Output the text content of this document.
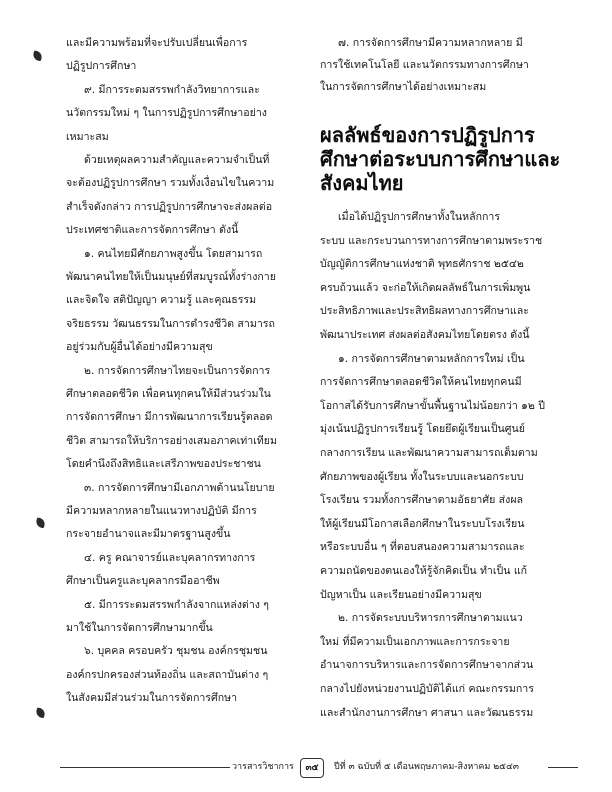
และมีความพร้อมที่จะปรับเปลี่ยนเพื่อการ
ปฏิรูปการศึกษา
๙. มีการระดมสรรพกำลังวิทยาการและ
นวัตกรรมใหม่ ๆ ในการปฏิรูปการศึกษาอย่าง
เหมาะสม
ด้วยเหตุผลความสำคัญและความจำเป็นที่
จะต้องปฏิรูปการศึกษา รวมทั้งเงื่อนไขในความ
สำเร็จดังกล่าว การปฏิรูปการศึกษาจะส่งผลต่อ
ประเทศชาติและการจัดการศึกษา ดังนี้
๑. คนไทยมีศักยภาพสูงขึ้น โดยสามารถ
พัฒนาคนไทยให้เป็นมนุษย์ที่สมบูรณ์ทั้งร่างกาย
และจิตใจ สติปัญญา ความรู้ และคุณธรรม
จริยธรรม วัฒนธรรมในการดำรงชีวิต สามารถ
อยู่ร่วมกับผู้อื่นได้อย่างมีความสุข
๒. การจัดการศึกษาไทยจะเป็นการจัดการ
ศึกษาตลอดชีวิต เพื่อคนทุกคนให้มีส่วนร่วมใน
การจัดการศึกษา มีการพัฒนาการเรียนรู้ตลอด
ชีวิต สามารถให้บริการอย่างเสมอภาคเท่าเทียม
โดยคำนึงถึงสิทธิและเสรีภาพของประชาชน
๓. การจัดการศึกษามีเอกภาพด้านนโยบาย
มีความหลากหลายในแนวทางปฏิบัติ มีการ
กระจายอำนาจและมีมาตรฐานสูงขึ้น
๔. ครู คณาจารย์และบุคลากรทางการ
ศึกษาเป็นครูและบุคลากรมืออาชีพ
๕. มีการระดมสรรพกำลังจากแหล่งต่าง ๆ
มาใช้ในการจัดการศึกษามากขึ้น
๖. บุคคล ครอบครัว ชุมชน องค์กรชุมชน
องค์กรปกครองส่วนท้องถิ่น และสถาบันต่าง ๆ
ในสังคมมีส่วนร่วมในการจัดการศึกษา
๗. การจัดการศึกษามีความหลากหลาย มี
การใช้เทคโนโลยี และนวัตกรรมทางการศึกษา
ในการจัดการศึกษาได้อย่างเหมาะสม
ผลลัพธ์ของการปฏิรูปการ
ศึกษาต่อระบบการศึกษาและ
สังคมไทย
เมื่อได้ปฏิรูปการศึกษาทั้งในหลักการ
ระบบ และกระบวนการทางการศึกษาตามพระราช
บัญญัติการศึกษาแห่งชาติ พุทธศักราช ๒๕๔๒
ครบถ้วนแล้ว จะก่อให้เกิดผลลัพธ์ในการเพิ่มพูน
ประสิทธิภาพและประสิทธิผลทางการศึกษาและ
พัฒนาประเทศ ส่งผลต่อสังคมไทยโดยตรง ดังนี้
๑. การจัดการศึกษาตามหลักการใหม่ เป็น
การจัดการศึกษาตลอดชีวิตให้คนไทยทุกคนมี
โอกาสได้รับการศึกษาขั้นพื้นฐานไม่น้อยกว่า ๑๒ ปี
มุ่งเน้นปฏิรูปการเรียนรู้ โดยยึดผู้เรียนเป็นศูนย์
กลางการเรียน และพัฒนาความสามารถเต็มตาม
ศักยภาพของผู้เรียน ทั้งในระบบและนอกระบบ
โรงเรียน รวมทั้งการศึกษาตามอัธยาศัย ส่งผล
ให้ผู้เรียนมีโอกาสเลือกศึกษาในระบบโรงเรียน
หรือระบบอื่น ๆ ที่ตอบสนองความสามารถและ
ความถนัดของตนเองให้รู้จักคิดเป็น ทำเป็น แก้
ปัญหาเป็น และเรียนอย่างมีความสุข
๒. การจัดระบบบริหารการศึกษาตามแนว
ใหม่ ที่มีความเป็นเอกภาพและการกระจาย
อำนาจการบริหารและการจัดการศึกษาจากส่วน
กลางไปยังหน่วยงานปฏิบัติได้แก่ คณะกรรมการ
และสำนักงานการศึกษา ศาสนา และวัฒนธรรม
วารสารวิชาการ	๓๕	ปีที่ ๓ ฉบับที่ ๕ เดือนพฤษภาคม-สิงหาคม ๒๕๔๓
